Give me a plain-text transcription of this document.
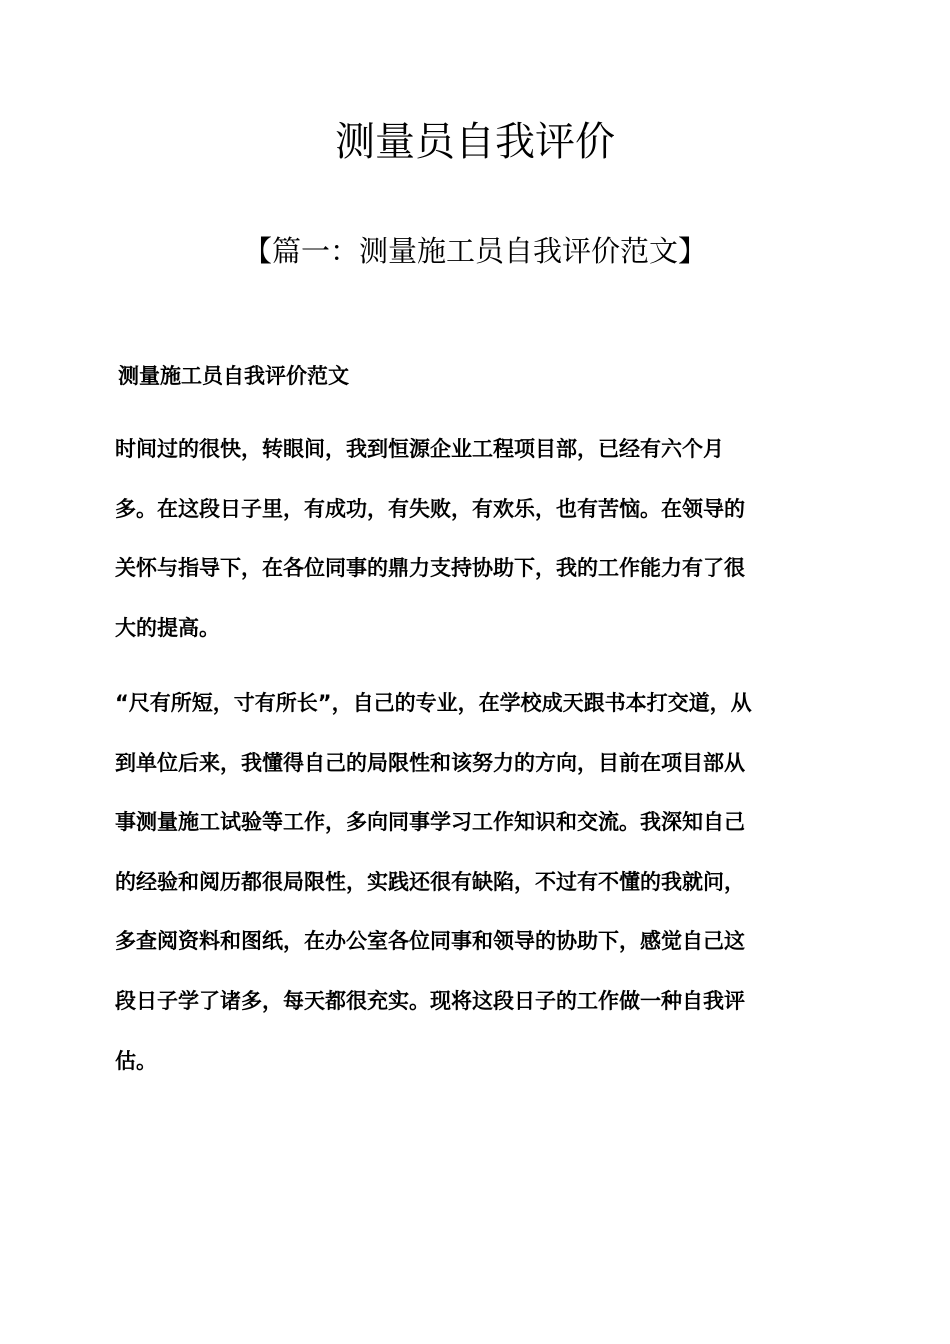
测量员自我评价
【篇一：测量施工员自我评价范文】
测量施工员自我评价范文

时间过的很快，转眼间，我到恒源企业工程项目部，已经有六个月
多。在这段日子里，有成功，有失败，有欢乐，也有苦恼。在领导的
关怀与指导下，在各位同事的鼎力支持协助下，我的工作能力有了很
大的提高。

“尺有所短，寸有所长”，自己的专业，在学校成天跟书本打交道，从
到单位后来，我懂得自己的局限性和该努力的方向，目前在项目部从
事测量施工试验等工作，多向同事学习工作知识和交流。我深知自己
的经验和阅历都很局限性，实践还很有缺陷，不过有不懂的我就问，
多查阅资料和图纸，在办公室各位同事和领导的协助下，感觉自己这
段日子学了诸多，每天都很充实。现将这段日子的工作做一种自我评
估。
